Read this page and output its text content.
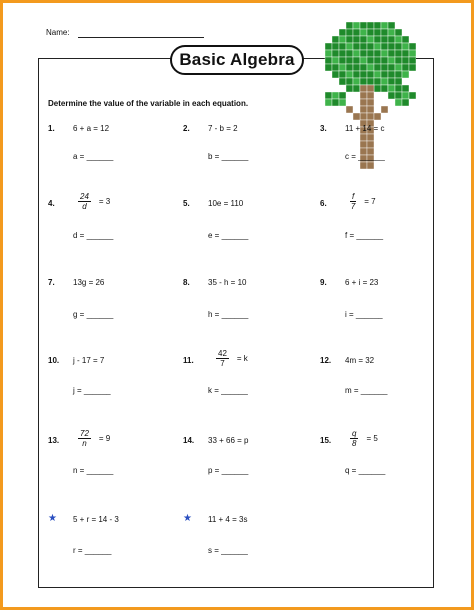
Name:
Basic Algebra
Determine the value of the variable in each equation.
1. 6 + a = 12
a = ______
2. 7 - b = 2
b = ______
3. 11 + 14 = c
c = ______
4.	$\frac{24}{d} = 3$
d = ______
5. 10e = 110
e = ______
6.	$\frac{f}{7} = 7$
f = ______
7. 13g = 26
g = ______
8. 35 - h = 10
h = ______
9. 6 + i = 23
i = ______
10. j - 17 = 7
j = ______
11.	$\frac{42}{7} = k$
k = ______
12. 4m = 32
m = ______
13. $\frac{72}{n} = 9$
n = ______
14. 33 + 66 = p
p = ______
15. $\frac{q}{8} = 5$
q = ______
★ 5 + r = 14 - 3
r = ______
★ 11 + 4 = 3s
s = ______
